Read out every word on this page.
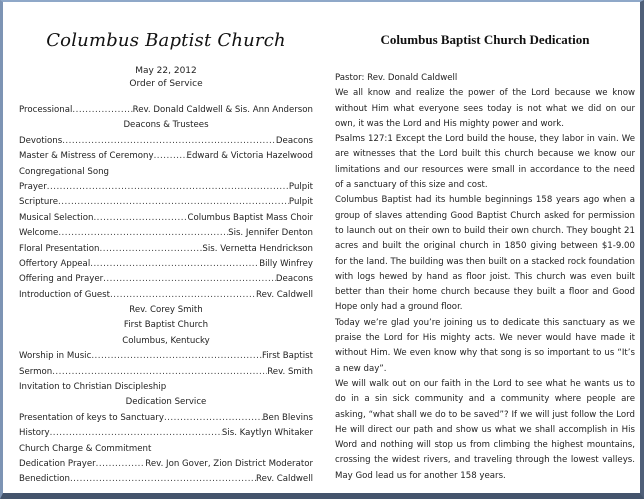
Columbus Baptist Church
May 22, 2012
Order of Service
Processional .....	Rev. Donald Caldwell & Sis. Ann Anderson
Deacons & Trustees
Devotions .....	Deacons
Master & Mistress of Ceremony .....	Edward & Victoria Hazelwood
Congregational Song
Prayer .....	Pulpit
Scripture .....	Pulpit
Musical Selection .....	Columbus Baptist Mass Choir
Welcome .....	Sis. Jennifer Denton
Floral Presentation .....	Sis. Vernetta Hendrickson
Offertory Appeal .....	Billy Winfrey
Offering and Prayer .....	Deacons
Introduction of Guest .....	Rev. Caldwell
Rev. Corey Smith
First Baptist Church
Columbus, Kentucky
Worship in Music .....	First Baptist
Sermon .....	Rev. Smith
Invitation to Christian Discipleship
Dedication Service
Presentation of keys to Sanctuary .....	Ben Blevins
History .....	Sis. Kaytlyn Whitaker
Church Charge & Commitment
Dedication Prayer .....	Rev. Jon Gover, Zion District Moderator
Benediction .....	Rev. Caldwell
Columbus Baptist Church Dedication

Pastor: Rev. Donald Caldwell

We all know and realize the power of the Lord because we know without Him what everyone sees today is not what we did on our own, it was the Lord and His mighty power and work.

Psalms 127:1 Except the Lord build the house, they labor in vain. We are witnesses that the Lord built this church because we know our limitations and our resources were small in accordance to the need of a sanctuary of this size and cost.

Columbus Baptist had its humble beginnings 158 years ago when a group of slaves attending Good Baptist Church asked for permission to launch out on their own to build their own church. They bought 21 acres and built the original church in 1850 giving between $1-9.00 for the land. The building was then built on a stacked rock foundation with logs hewed by hand as floor joist. This church was even built better than their home church because they built a floor and Good Hope only had a ground floor.

Today we’re glad you’re joining us to dedicate this sanctuary as we praise the Lord for His mighty acts. We never would have made it without Him. We even know why that song is so important to us “It’s a new day”.

We will walk out on our faith in the Lord to see what he wants us to do in a sin sick community and a community where people are asking, “what shall we do to be saved”? If we will just follow the Lord He will direct our path and show us what we shall accomplish in His Word and nothing will stop us from climbing the highest mountains, crossing the widest rivers, and traveling through the lowest valleys. May God lead us for another 158 years.
